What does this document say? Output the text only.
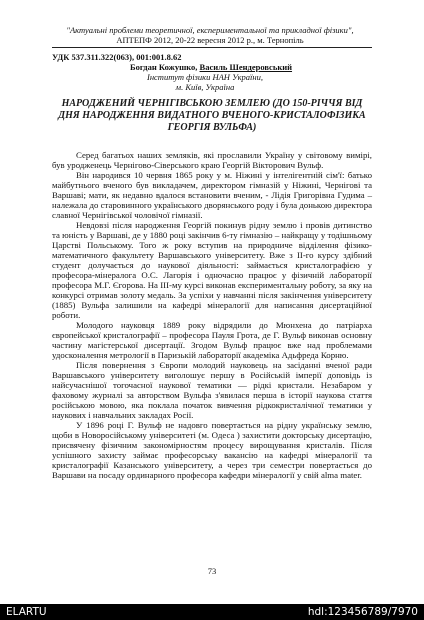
"Актуальні проблеми теоретичної, експериментальної та прикладної фізики",
АПТЕПФ 2012, 20-22 вересня 2012 р., м. Тернопіль
УДК 537.311.322(063), 001:001.8.62
Богдан Кожушко, Василь Шендеровський
Інститут фізики НАН України,
м. Київ, Україна
НАРОДЖЕНИЙ ЧЕРНІГІВСЬКОЮ ЗЕМЛЕЮ (ДО 150-РІЧЧЯ ВІД ДНЯ НАРОДЖЕННЯ ВИДАТНОГО ВЧЕНОГО-КРИСТАЛОФІЗИКА ГЕОРГІЯ ВУЛЬФА)

Серед багатьох наших земляків, які прославили Україну у світовому вимірі, був уродженець Чернігово-Сіверського краю Георгій Вікторович Вульф.

Він народився 10 червня 1865 року у м. Ніжині у інтелігентній сім'ї: батько майбутнього вченого був викладачем, директором гімназій у Ніжині, Чернігові та Варшаві; мати, як недавно вдалося встановити вченим, - Лідія Григорівна Гудима – належала до старовинного українського дворянського роду і була донькою директора славної Чернігівської чоловічої гімназії.

Невдовзі після народження Георгій покинув рідну землю і провів дитинство та юність у Варшаві, де у 1880 році закінчив 6-ту гімназію – найкращу у тодішньому Царстві Польському. Того ж року вступив на природниче відділення фізико-математичного факультету Варшавського університету. Вже з ІІ-го курсу здібний студент долучається до наукової діяльності: займається кристалографією у професора-мінералога О.С. Лагорія і одночасно працює у фізичній лабораторії професора М.Г. Єгорова. На ІІІ-му курсі виконав експериментальну роботу, за яку на конкурсі отримав золоту медаль. За успіхи у навчанні після закінчення університету (1885) Вульфа залишили на кафедрі мінералогії для написання дисертаційної роботи.

Молодого науковця 1889 року відрядили до Мюнхена до патріарха європейської кристалографії – професора Пауля Грота, де Г. Вульф виконав основну частину магістерської дисертації. Згодом Вульф працює вже над проблемами удосконалення метрології в Паризькій лабораторії академіка Адьфреда Корню.

Після повернення з Європи молодий науковець на засіданні вченої ради Варшавського університету виголошує першу в Російській імперії доповідь із найсучаснішої тогочасної наукової тематики — рідкі кристали. Незабаром у фаховому журналі за авторством Вульфа з'явилася перша в історії наукова стаття російською мовою, яка поклала початок вивчення рідкокристалічної тематики у наукових і навчальних закладах Росії.

У 1896 році Г. Вульф не надовго повертається на рідну українську землю, щоби в Новоросійському університеті (м. Одеса ) захистити докторську дисертацію, присвячену фізичним закономірностям процесу вирощування кристалів. Після успішного захисту займає професорську вакансію на кафедрі мінералогії та кристалографії Казанського університету, а через три семестри повертається до Варшави на посаду ординарного професора кафедри мінералогії у свій alma mater.

73
ELARTU	hdl:123456789/7970
